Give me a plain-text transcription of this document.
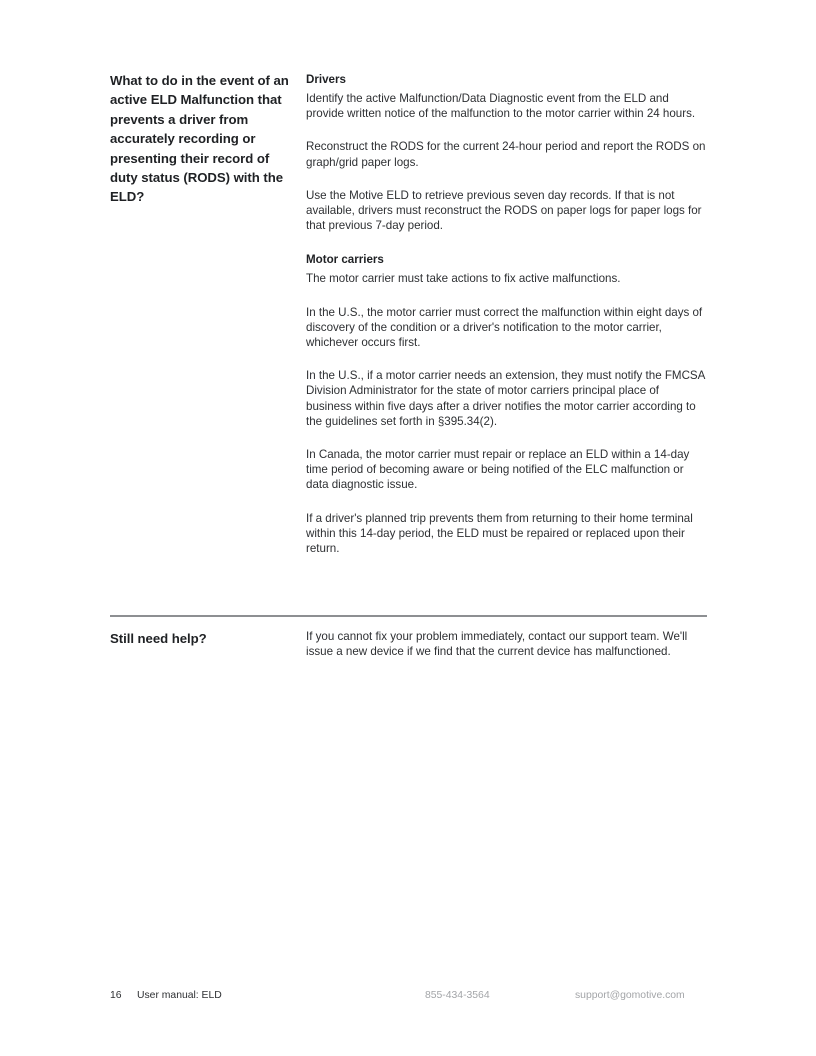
What to do in the event of an active ELD Malfunction that prevents a driver from accurately recording or presenting their record of duty status (RODS) with the ELD?
Drivers

Identify the active Malfunction/Data Diagnostic event from the ELD and provide written notice of the malfunction to the motor carrier within 24 hours.

Reconstruct the RODS for the current 24-hour period and report the RODS on graph/grid paper logs.

Use the Motive ELD to retrieve previous seven day records. If that is not available, drivers must reconstruct the RODS on paper logs for paper logs for that previous 7-day period.

Motor carriers

The motor carrier must take actions to fix active malfunctions.

In the U.S., the motor carrier must correct the malfunction within eight days of discovery of the condition or a driver's notification to the motor carrier, whichever occurs first.

In the U.S., if a motor carrier needs an extension, they must notify the FMCSA Division Administrator for the state of motor carriers principal place of business within five days after a driver notifies the motor carrier according to the guidelines set forth in §395.34(2).

In Canada, the motor carrier must repair or replace an ELD within a 14-day time period of becoming aware or being notified of the ELC malfunction or data diagnostic issue.

If a driver's planned trip prevents them from returning to their home terminal within this 14-day period, the ELD must be repaired or replaced upon their return.

Still need help?	If you cannot fix your problem immediately, contact our support team. We'll issue a new device if we find that the current device has malfunctioned.

16 User manual: ELD	855-434-3564	support@gomotive.com
